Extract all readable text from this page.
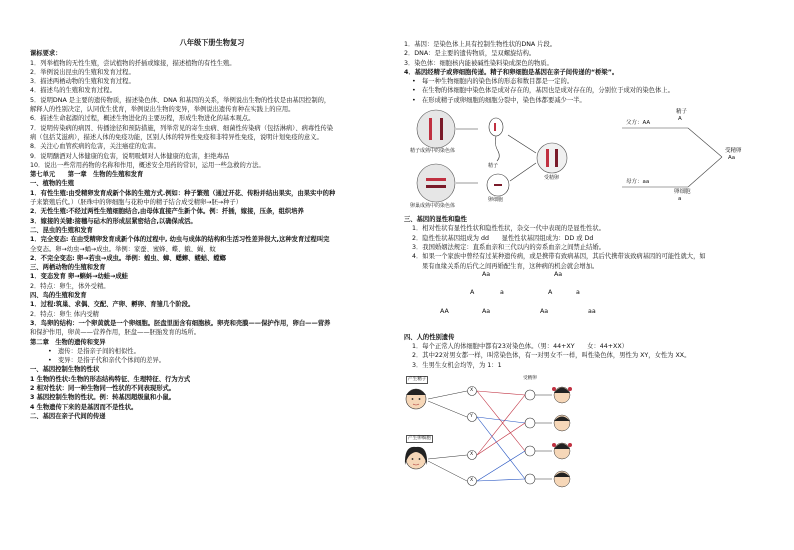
八年级下册生物复习
课标要求：
1．列举植物的无性生殖，尝试植物的扦插或嫁接，描述植物的有性生殖。
2．举例说出昆虫的生殖和发育过程。
3．描述两栖动物的生殖和发育过程。
4．描述鸟的生殖和发育过程。
5．说明DNA 是主要的遗传物质，描述染色体、DNA 和基因的关系，举例说出生物的性状是由基因控制的，
解释人的性别决定，认同优生优育，举例说出生物的变异，举例说出遗传育种在实践上的应用。
6．描述生命起源的过程，概述生物进化的主要历程，形成生物进化的基本观点。
7．说明传染病的病因、传播途径和预防措施，列举常见的寄生虫病、细菌性传染病（包括淋病）、病毒性传染
病（包括艾滋病），描述人体的免疫功能，区别人体的特异性免疫和非特异性免疫，说明计划免疫的意义。
8．关注心血管疾病的危害，关注癌症的危害。
9．说明酗酒对人体健康的危害，说明吸烟对人体健康的危害，拒绝毒品
10．说出一些常用药物的名称和作用，概述安全用药的常识，运用一些急救的方法。
第七单元　　第一章　生物的生殖和发育
一、植物的生殖
1．有性生殖:由受精卵发育成新个体的生殖方式.例如：种子繁殖（通过开花、传粉并结出果实，由果实中的种
子来繁殖后代。）（胚珠中的卵细胞与花粉中的精子结合成受精卵→胚→种子）
2．无性生殖:不经过两性生殖细胞结合,由母体直接产生新个体。例：扦插，嫁接，压条，组织培养
3．嫁接的关键:接穗与砧木的形成层紧密结合,以确保成活。
二、昆虫的生殖和发育
1．完全变态: 在由受精卵发育成新个体的过程中, 幼虫与成体的结构和生活习性差异很大,这种发育过程叫完
全变态。卵→幼虫→蛹→成虫。举例：家蚕、蜜蜂、蝶、蛾、蝇、蚊
2．不完全变态: 卵→若虫→成虫。举例：蝗虫、蟑、蟋蟀、蝼蛄、螳螂
三、两栖动物的生殖和发育
1．变态发育 卵→蝌蚪→幼蛙→成蛙
2．特点：卵生，体外受精。
四、鸟的生殖和发育
1．过程:筑巢、求偶、交配、产卵、孵卵、育雏几个阶段。
2．特点：卵生 体内受精
3．鸟卵的结构：一个卵黄就是一个卵细胞。胚盘里面含有细胞核。卵壳和壳膜——保护作用，卵白——营养
和保护作用，卵黄——营养作用，胚盘——胚胎发育的场所。
第二章　生物的遗传和变异
•　遗传：是指亲子间的相似性。
•　变异：是指子代和亲代个体间的差异。
一、基因控制生物的性状
1 生物的性状:生物的形态结构特征、生理特征、行为方式
2 相对性状：同一种生物同一性状的不同表现形式。
3 基因控制生物的性状。例：转基因超级鼠和小鼠。
4 生物遗传下来的是基因而不是性状。
二、基因在亲子代间的传递
1．基因：是染色体上具有控制生物性状的DNA 片段。
2．DNA：是主要的遗传物质，呈双螺旋结构。
3．染色体：细胞核内能被碱性染料染成深色的物质。
4．基因经精子或卵细胞传递。精子和卵细胞是基因在亲子间传递的“桥梁”。
•　每一种生物细胞内的染色体的形态和数目都是一定的。
•　在生物的体细胞中染色体是成对存在的，基因也是成对存在的，分别位于成对的染色体上。
•　在形成精子或卵细胞的细胞分裂中，染色体都要减少一半。
精子成熟中的染色体
卵巢成熟中的染色体
精子
卵细胞
受精卵
父方：AA
母方：aa
精子
A
卵细胞
a
受精卵
Aa
三、基因的显性和隐性
1．相对性状有显性性状和隐性性状，杂交一代中表现的是显性性状。
2．隐性性状基因组成为 dd　　显性性状基因组成为：DD 或 Dd
3．我国婚姻法规定：直系血亲和三代以内的旁系血亲之间禁止结婚。
4．如果一个家族中曾经有过某种遗传病，或是携带有致病基因，其后代携带该致病基因的可能性就大，如
果有血缘关系的后代之间再婚配生育，这种病的机会就会增加。
Aa	Aa
A	a	A	a
AA	Aa	Aa	aa
四、人的性别遗传
1．每个正常人的体细胞中都有23对染色体。（男：44+XY　　女：44+XX）
2．其中22对男女都一样，叫常染色体，有一对男女不一样，叫性染色体，男性为 XY，女性为 XX。
3．生男生女机会均等，为 1：1
产生精子
产生卵细胞
受精卵
X
Y
X
X
